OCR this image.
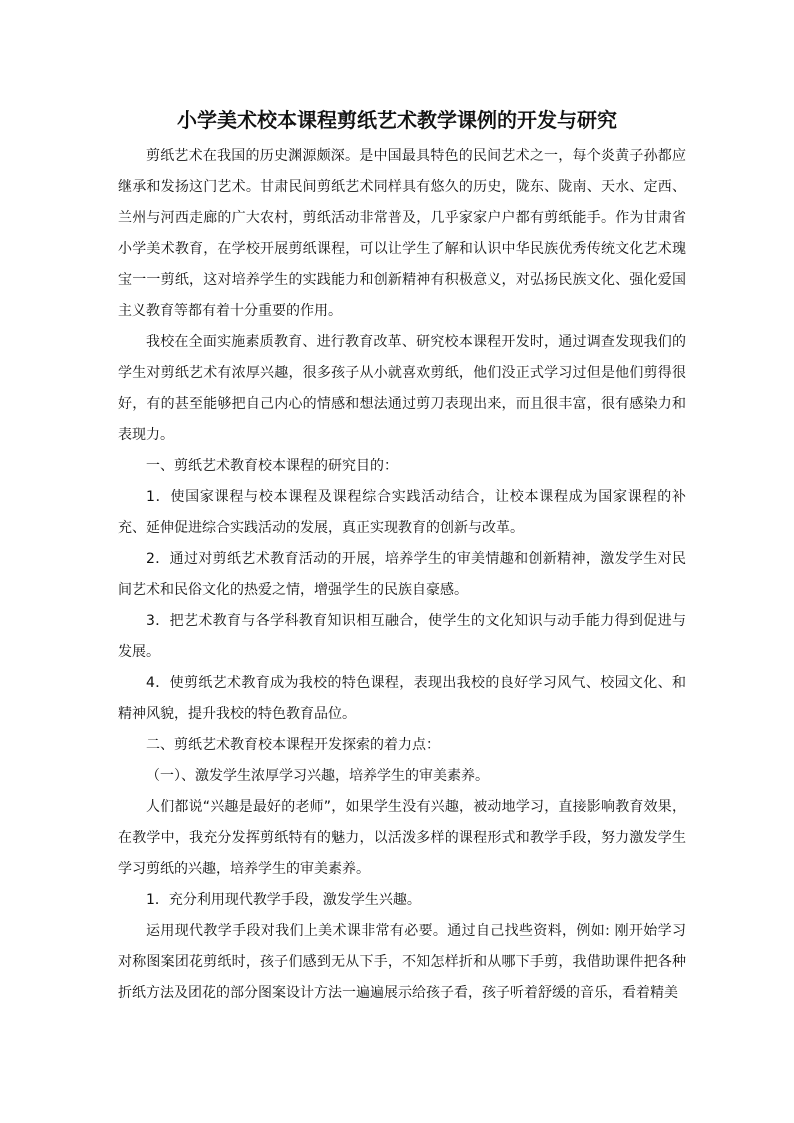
小学美术校本课程剪纸艺术教学课例的开发与研究

剪纸艺术在我国的历史渊源颇深。是中国最具特色的民间艺术之一，每个炎黄子孙都应继承和发扬这门艺术。甘肃民间剪纸艺术同样具有悠久的历史，陇东、陇南、天水、定西、兰州与河西走廊的广大农村，剪纸活动非常普及，几乎家家户户都有剪纸能手。作为甘肃省小学美术教育，在学校开展剪纸课程，可以让学生了解和认识中华民族优秀传统文化艺术瑰宝一一剪纸，这对培养学生的实践能力和创新精神有积极意义，对弘扬民族文化、强化爱国主义教育等都有着十分重要的作用。

我校在全面实施素质教育、进行教育改革、研究校本课程开发时，通过调查发现我们的学生对剪纸艺术有浓厚兴趣，很多孩子从小就喜欢剪纸，他们没正式学习过但是他们剪得很好，有的甚至能够把自己内心的情感和想法通过剪刀表现出来，而且很丰富，很有感染力和表现力。

一、剪纸艺术教育校本课程的研究目的：

1．使国家课程与校本课程及课程综合实践活动结合，让校本课程成为国家课程的补充、延伸促进综合实践活动的发展，真正实现教育的创新与改革。

2．通过对剪纸艺术教育活动的开展，培养学生的审美情趣和创新精神，激发学生对民间艺术和民俗文化的热爱之情，增强学生的民族自豪感。

3．把艺术教育与各学科教育知识相互融合，使学生的文化知识与动手能力得到促进与发展。

4．使剪纸艺术教育成为我校的特色课程，表现出我校的良好学习风气、校园文化、和精神风貌，提升我校的特色教育品位。

二、剪纸艺术教育校本课程开发探索的着力点：

（一）、激发学生浓厚学习兴趣，培养学生的审美素养。

人们都说“兴趣是最好的老师”，如果学生没有兴趣，被动地学习，直接影响教育效果，在教学中，我充分发挥剪纸特有的魅力，以活泼多样的课程形式和教学手段，努力激发学生学习剪纸的兴趣，培养学生的审美素养。

1．充分利用现代教学手段，激发学生兴趣。

运用现代教学手段对我们上美术课非常有必要。通过自己找些资料，例如: 刚开始学习对称图案团花剪纸时，孩子们感到无从下手，不知怎样折和从哪下手剪，我借助课件把各种折纸方法及团花的部分图案设计方法一遍遍展示给孩子看，孩子听着舒缓的音乐，看着精美
